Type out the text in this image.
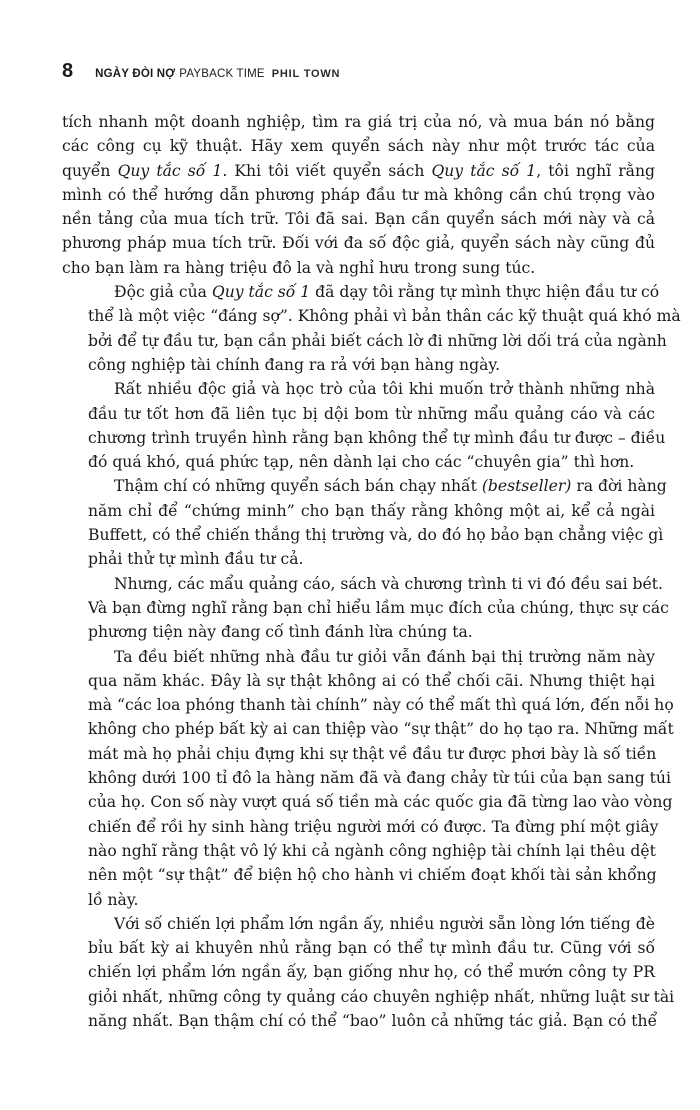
8 NGÀY ĐÒI NỢ PAYBACK TIME PHIL TOWN

tích nhanh một doanh nghiệp, tìm ra giá trị của nó, và mua bán nó bằng
các công cụ kỹ thuật. Hãy xem quyển sách này như một trước tác của
quyển Quy tắc số 1. Khi tôi viết quyển sách Quy tắc số 1, tôi nghĩ rằng
mình có thể hướng dẫn phương pháp đầu tư mà không cần chú trọng vào
nền tảng của mua tích trữ. Tôi đã sai. Bạn cần quyển sách mới này và cả
phương pháp mua tích trữ. Đối với đa số độc giả, quyển sách này cũng đủ
cho bạn làm ra hàng triệu đô la và nghỉ hưu trong sung túc.

Độc giả của Quy tắc số 1 đã dạy tôi rằng tự mình thực hiện đầu tư có
thể là một việc “đáng sợ”. Không phải vì bản thân các kỹ thuật quá khó mà
bởi để tự đầu tư, bạn cần phải biết cách lờ đi những lời dối trá của ngành
công nghiệp tài chính đang ra rả với bạn hàng ngày.

Rất nhiều độc giả và học trò của tôi khi muốn trở thành những nhà
đầu tư tốt hơn đã liên tục bị dội bom từ những mẩu quảng cáo và các
chương trình truyền hình rằng bạn không thể tự mình đầu tư được – điều
đó quá khó, quá phức tạp, nên dành lại cho các “chuyên gia” thì hơn.

Thậm chí có những quyển sách bán chạy nhất (bestseller) ra đời hàng
năm chỉ để “chứng minh” cho bạn thấy rằng không một ai, kể cả ngài
Buffett, có thể chiến thắng thị trường và, do đó họ bảo bạn chẳng việc gì
phải thử tự mình đầu tư cả.

Nhưng, các mẩu quảng cáo, sách và chương trình ti vi đó đều sai bét.
Và bạn đừng nghĩ rằng bạn chỉ hiểu lầm mục đích của chúng, thực sự các
phương tiện này đang cố tình đánh lừa chúng ta.

Ta đều biết những nhà đầu tư giỏi vẫn đánh bại thị trường năm này
qua năm khác. Đây là sự thật không ai có thể chối cãi. Nhưng thiệt hại
mà “các loa phóng thanh tài chính” này có thể mất thì quá lớn, đến nỗi họ
không cho phép bất kỳ ai can thiệp vào “sự thật” do họ tạo ra. Những mất
mát mà họ phải chịu đựng khi sự thật về đầu tư được phơi bày là số tiền
không dưới 100 tỉ đô la hàng năm đã và đang chảy từ túi của bạn sang túi
của họ. Con số này vượt quá số tiền mà các quốc gia đã từng lao vào vòng
chiến để rồi hy sinh hàng triệu người mới có được. Ta đừng phí một giây
nào nghĩ rằng thật vô lý khi cả ngành công nghiệp tài chính lại thêu dệt
nên một “sự thật” để biện hộ cho hành vi chiếm đoạt khối tài sản khổng
lồ này.

Với số chiến lợi phẩm lớn ngần ấy, nhiều người sẵn lòng lớn tiếng đè
bỉu bất kỳ ai khuyên nhủ rằng bạn có thể tự mình đầu tư. Cũng với số
chiến lợi phẩm lớn ngần ấy, bạn giống như họ, có thể mướn công ty PR
giỏi nhất, những công ty quảng cáo chuyên nghiệp nhất, những luật sư tài
năng nhất. Bạn thậm chí có thể “bao” luôn cả những tác giả. Bạn có thể
